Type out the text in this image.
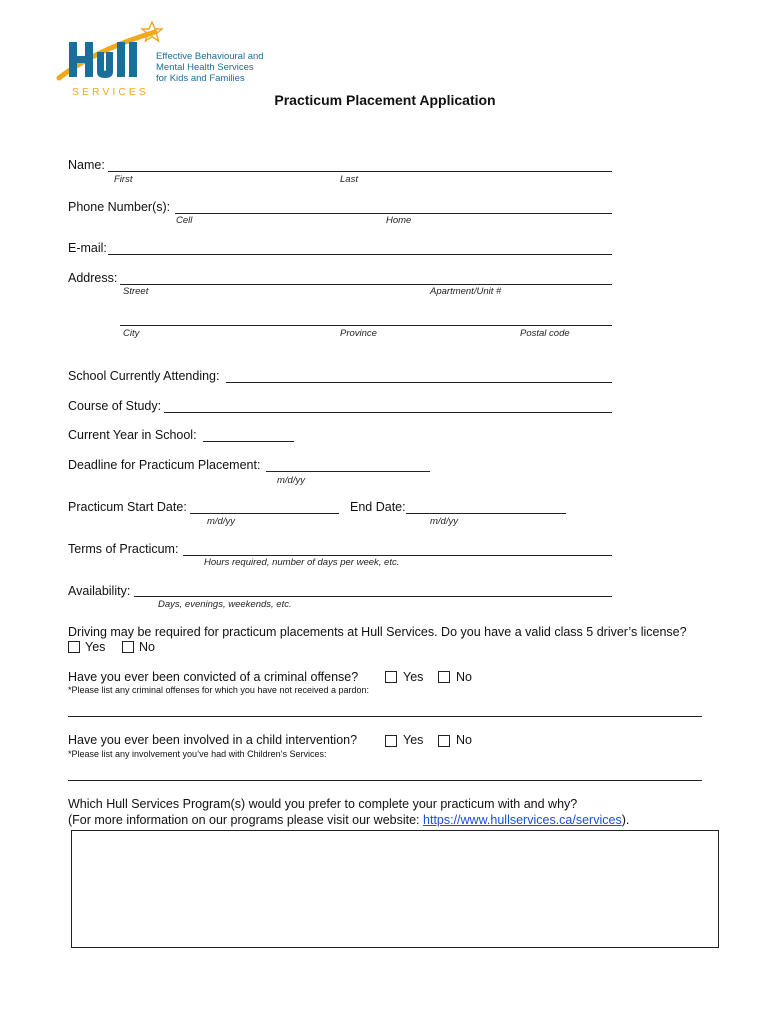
Effective Behavioural and
Mental Health Services
for Kids and Families
SERVICES	Practicum Placement Application
Name:
First	Last
Phone Number(s):
Cell	Home
E-mail:
Address:
Street	Apartment/Unit #
City	Province	Postal code
School Currently Attending:
Course of Study:
Current Year in School:
Deadline for Practicum Placement:
m/d/yy
Practicum Start Date:
m/d/yy
End Date:
m/d/yy
Terms of Practicum:
Hours required, number of days per week, etc.
Availability:
Days, evenings, weekends, etc.
Driving may be required for practicum placements at Hull Services. Do you have a valid class 5 driver’s license?
Yes	No
Have you ever been convicted of a criminal offense?	Yes	No
*Please list any criminal offenses for which you have not received a pardon:
Have you ever been involved in a child intervention?	Yes	No
*Please list any involvement you’ve had with Children’s Services:
Which Hull Services Program(s) would you prefer to complete your practicum with and why?
(For more information on our programs please visit our website: https://www.hullservices.ca/services).
